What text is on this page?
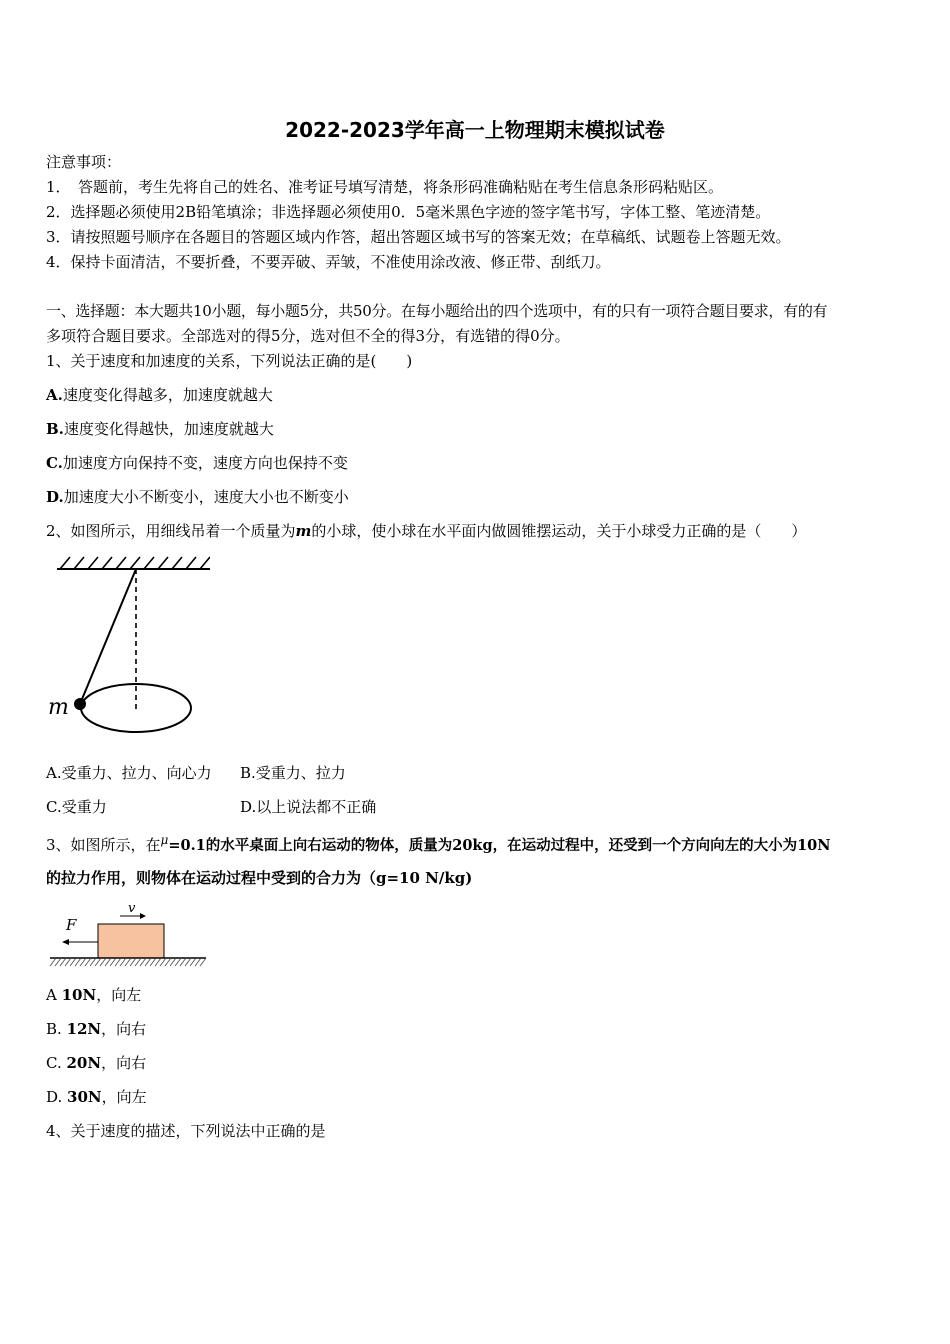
2022-2023学年高一上物理期末模拟试卷
注意事项：
1．　答题前，考生先将自己的姓名、准考证号填写清楚，将条形码准确粘贴在考生信息条形码粘贴区。
2．选择题必须使用2B铅笔填涂；非选择题必须使用0．5毫米黑色字迹的签字笔书写，字体工整、笔迹清楚。
3．请按照题号顺序在各题目的答题区域内作答，超出答题区域书写的答案无效；在草稿纸、试题卷上答题无效。
4．保持卡面清洁，不要折叠，不要弄破、弄皱，不准使用涂改液、修正带、刮纸刀。
一、选择题：本大题共10小题，每小题5分，共50分。在每小题给出的四个选项中，有的只有一项符合题目要求，有的有
多项符合题目要求。全部选对的得5分，选对但不全的得3分，有选错的得0分。
1、关于速度和加速度的关系，下列说法正确的是(　　)
A.速度变化得越多，加速度就越大
B.速度变化得越快，加速度就越大
C.加速度方向保持不变，速度方向也保持不变
D.加速度大小不断变小，速度大小也不断变小
2、如图所示，用细线吊着一个质量为m的小球，使小球在水平面内做圆锥摆运动，关于小球受力正确的是（　　）
m
A.受重力、拉力、向心力 B.受重力、拉力
C.受重力	D.以上说法都不正确
3、如图所示，在$^\mu$=0.1的水平桌面上向右运动的物体，质量为20kg，在运动过程中，还受到一个方向向左的大小为10N
的拉力作用，则物体在运动过程中受到的合力为（g=10 N/kg)
v
F
A 10N，向左
B. 12N，向右
C. 20N，向右
D. 30N，向左
4、关于速度的描述，下列说法中正确的是
